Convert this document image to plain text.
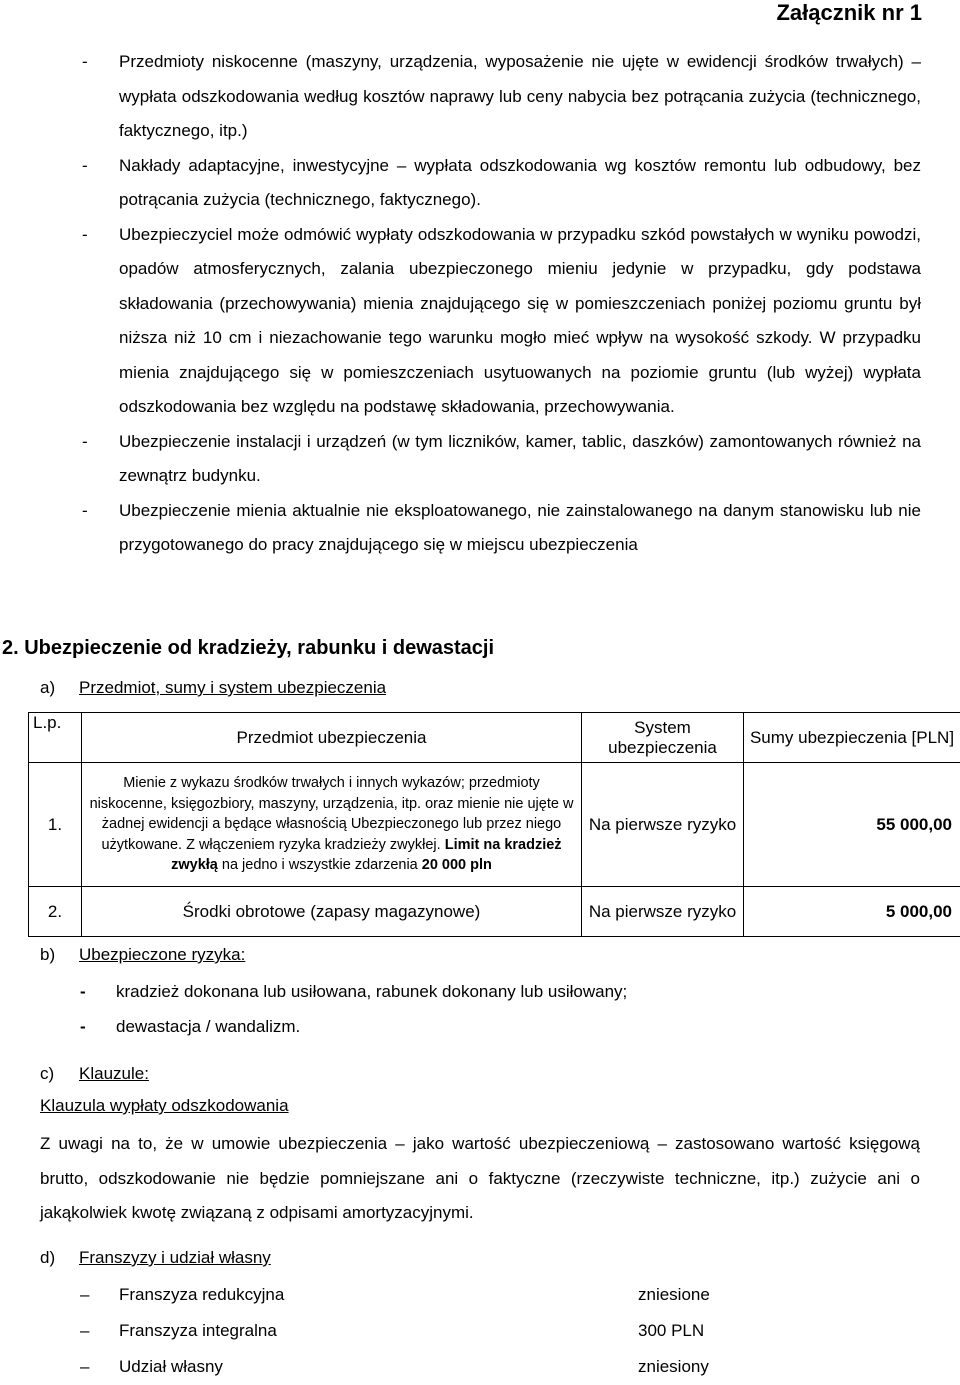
Załącznik nr 1
- Przedmioty niskocenne (maszyny, urządzenia, wyposażenie nie ujęte w ewidencji środków trwałych) – wypłata odszkodowania według kosztów naprawy lub ceny nabycia bez potrącania zużycia (technicznego, faktycznego, itp.)
- Nakłady adaptacyjne, inwestycyjne – wypłata odszkodowania wg kosztów remontu lub odbudowy, bez potrącania zużycia (technicznego, faktycznego).
- Ubezpieczyciel może odmówić wypłaty odszkodowania w przypadku szkód powstałych w wyniku powodzi, opadów atmosferycznych, zalania ubezpieczonego mieniu jedynie w przypadku, gdy podstawa składowania (przechowywania) mienia znajdującego się w pomieszczeniach poniżej poziomu gruntu był niższa niż 10 cm i niezachowanie tego warunku mogło mieć wpływ na wysokość szkody. W przypadku mienia znajdującego się w pomieszczeniach usytuowanych na poziomie gruntu (lub wyżej) wypłata odszkodowania bez względu na podstawę składowania, przechowywania.
- Ubezpieczenie instalacji i urządzeń (w tym liczników, kamer, tablic, daszków) zamontowanych również na zewnątrz budynku.
- Ubezpieczenie mienia aktualnie nie eksploatowanego, nie zainstalowanego na danym stanowisku lub nie przygotowanego do pracy znajdującego się w miejscu ubezpieczenia
2. Ubezpieczenie od kradzieży, rabunku i dewastacji
a) Przedmiot, sumy i system ubezpieczenia
L.p.	Przedmiot ubezpieczenia	System ubezpieczenia	Sumy ubezpieczenia [PLN]
1.	Mienie z wykazu środków trwałych i innych wykazów; przedmioty niskocenne, księgozbiory, maszyny, urządzenia, itp. oraz mienie nie ujęte w żadnej ewidencji a będące własnością Ubezpieczonego lub przez niego użytkowane. Z włączeniem ryzyka kradzieży zwykłej. Limit na kradzież zwykłą na jedno i wszystkie zdarzenia 20 000 pln	Na pierwsze ryzyko	55 000,00
2.	Środki obrotowe (zapasy magazynowe)	Na pierwsze ryzyko	5 000,00
b) Ubezpieczone ryzyka:
- kradzież dokonana lub usiłowana, rabunek dokonany lub usiłowany;
- dewastacja / wandalizm.
c) Klauzule:
Klauzula wypłaty odszkodowania
Z uwagi na to, że w umowie ubezpieczenia – jako wartość ubezpieczeniową – zastosowano wartość księgową brutto, odszkodowanie nie będzie pomniejszane ani o faktyczne (rzeczywiste techniczne, itp.) zużycie ani o jakąkolwiek kwotę związaną z odpisami amortyzacyjnymi.
d) Franszyzy i udział własny
– Franszyza redukcyjna	zniesione
– Franszyza integralna	300 PLN
– Udział własny	zniesiony
